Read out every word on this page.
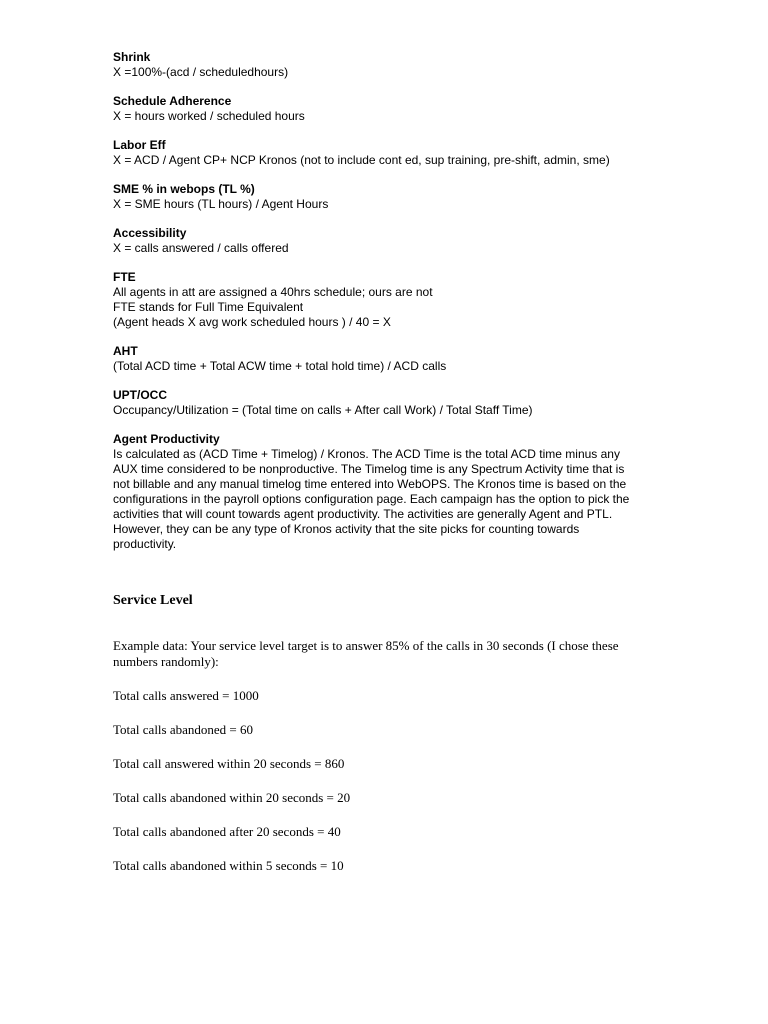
Shrink
X =100%-(acd / scheduledhours)
Schedule Adherence
X = hours worked / scheduled hours
Labor Eff
X = ACD / Agent CP+ NCP Kronos (not to include cont ed, sup training, pre-shift, admin, sme)
SME % in webops (TL %)
X = SME hours (TL hours) / Agent Hours
Accessibility
X = calls answered / calls offered
FTE
All agents in att are assigned a 40hrs schedule; ours are not
FTE stands for Full Time Equivalent
(Agent heads X avg work scheduled hours ) / 40 = X
AHT
(Total ACD time + Total ACW time + total hold time) / ACD calls
UPT/OCC
Occupancy/Utilization = (Total time on calls + After call Work) / Total Staff Time)
Agent Productivity
Is calculated as (ACD Time + Timelog) / Kronos. The ACD Time is the total ACD time minus any AUX time considered to be nonproductive. The Timelog time is any Spectrum Activity time that is not billable and any manual timelog time entered into WebOPS. The Kronos time is based on the configurations in the payroll options configuration page. Each campaign has the option to pick the activities that will count towards agent productivity. The activities are generally Agent and PTL. However, they can be any type of Kronos activity that the site picks for counting towards productivity.
Service Level
Example data: Your service level target is to answer 85% of the calls in 30 seconds (I chose these numbers randomly):
Total calls answered = 1000
Total calls abandoned = 60
Total call answered within 20 seconds = 860
Total calls abandoned within 20 seconds = 20
Total calls abandoned after 20 seconds = 40
Total calls abandoned within 5 seconds = 10
